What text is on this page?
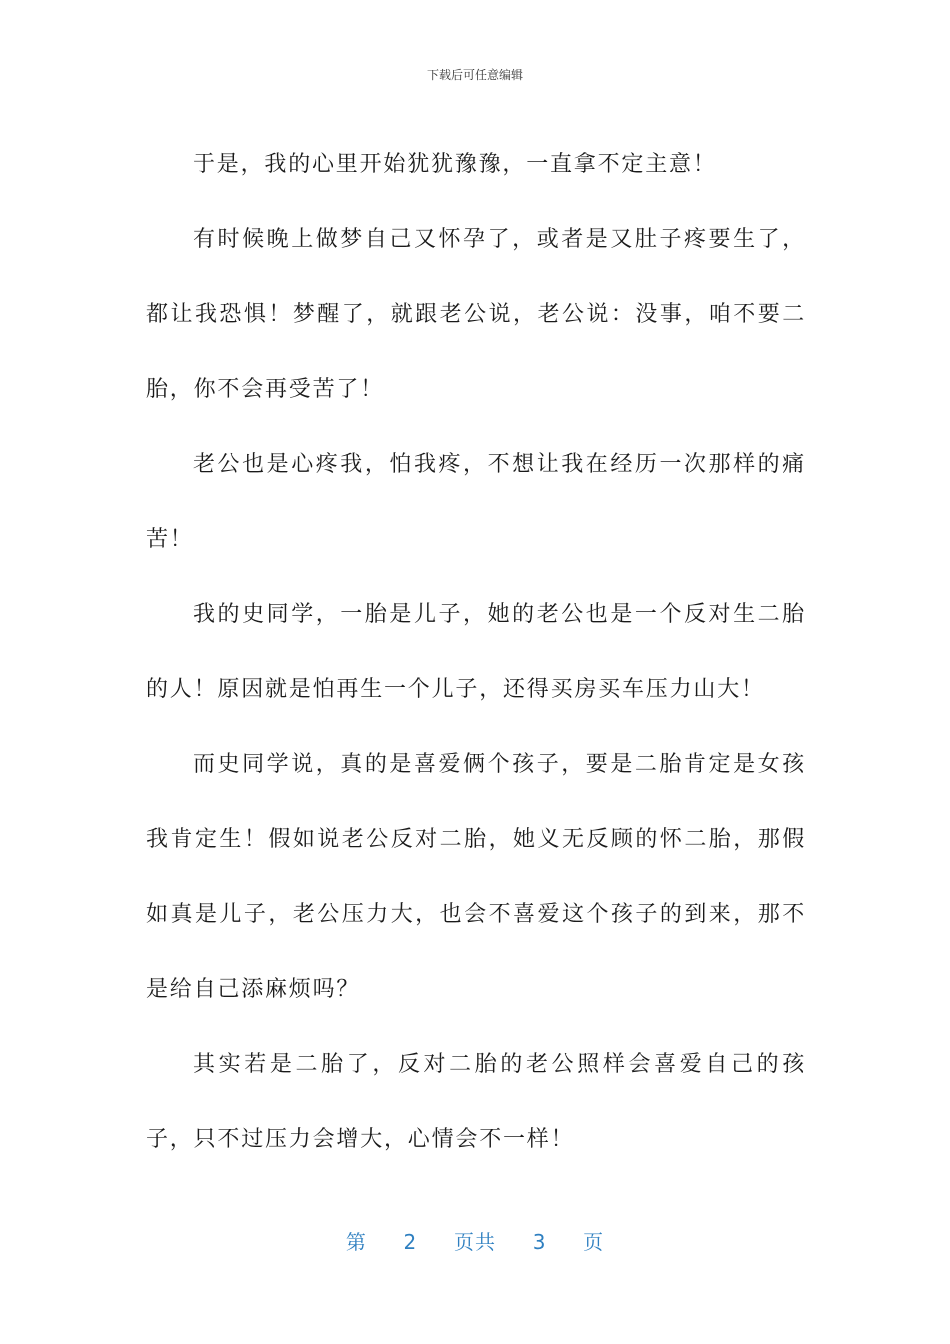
下载后可任意编辑

于是，我的心里开始犹犹豫豫，一直拿不定主意！

有时候晚上做梦自己又怀孕了，或者是又肚子疼要生了，都让我恐惧！梦醒了，就跟老公说，老公说：没事，咱不要二胎，你不会再受苦了！

老公也是心疼我，怕我疼，不想让我在经历一次那样的痛苦！

我的史同学，一胎是儿子，她的老公也是一个反对生二胎的人！原因就是怕再生一个儿子，还得买房买车压力山大！

而史同学说，真的是喜爱俩个孩子，要是二胎肯定是女孩我肯定生！假如说老公反对二胎，她义无反顾的怀二胎，那假如真是儿子，老公压力大，也会不喜爱这个孩子的到来，那不是给自己添麻烦吗？

其实若是二胎了，反对二胎的老公照样会喜爱自己的孩子，只不过压力会增大，心情会不一样！

第 2 页共 3 页
